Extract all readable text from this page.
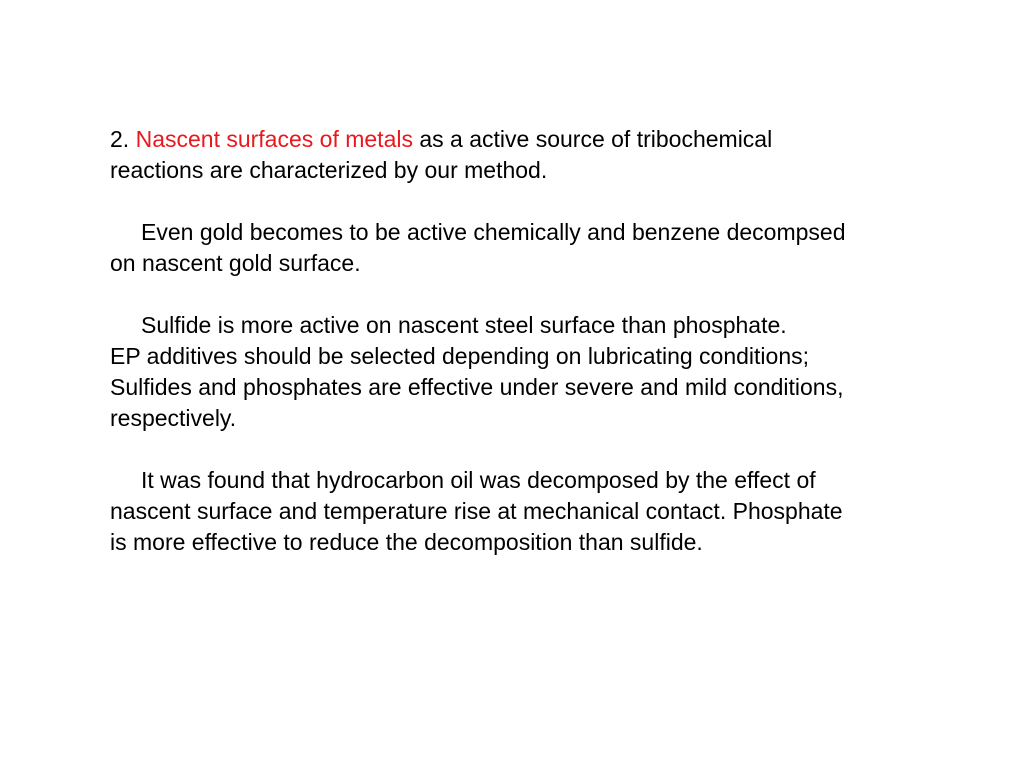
2. Nascent surfaces of metals as a active source of tribochemical
reactions are characterized by our method.
Even gold becomes to be active chemically and benzene decompsed
on nascent gold surface.
Sulfide is more active on nascent steel surface than phosphate.
EP additives should be selected depending on lubricating conditions;
Sulfides and phosphates are effective under severe and mild conditions,
respectively.
It was found that hydrocarbon oil was decomposed by the effect of
nascent surface and temperature rise at mechanical contact. Phosphate
is more effective to reduce the decomposition than sulfide.
